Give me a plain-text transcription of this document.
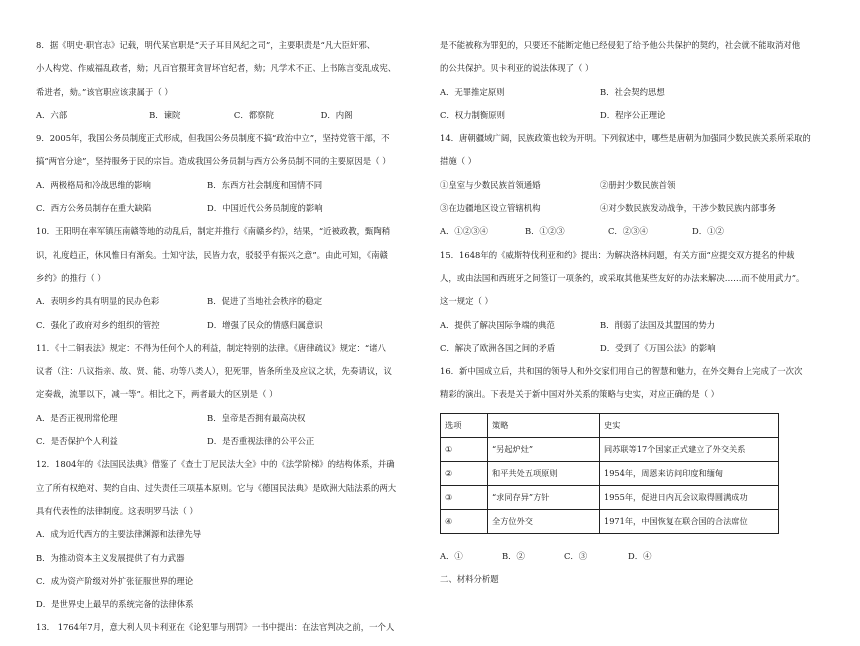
8．据《明史·职官志》记载，明代某官职是“天子耳目风纪之司”，主要职责是“凡大臣奸邪、
小人构党、作威福乱政者，劾；凡百官猥茸贪冒坏官纪者，劾；凡学术不正、上书陈言变乱成宪、
希进者，劾。”该官职应该隶属于（ ）
A．六部	B．谏院	C．都察院	D．内阁
9．2005年，我国公务员制度正式形成，但我国公务员制度不搞“政治中立”，坚持党管干部，不
搞“两官分途”，坚持服务于民的宗旨。造成我国公务员制与西方公务员制不同的主要原因是（ ）
A．两极格局和冷战思维的影响	B．东西方社会制度和国情不同
C．西方公务员制存在重大缺陷	D．中国近代公务员制度的影响
10．王阳明在率军镇压南赣等地的动乱后，制定并推行《南赣乡约》，结果，“近被政教，甄陶稍
识，礼度趋正，休风惟日有渐矣。士知守法，民皆力农，驳驳乎有振兴之意”。由此可知，《南赣
乡约》的推行（ ）
A．表明乡约具有明显的民办色彩	B．促进了当地社会秩序的稳定
C．强化了政府对乡约组织的管控	D．增强了民众的情感归属意识
11．《十二铜表法》规定：不得为任何个人的利益，制定特别的法律。《唐律疏议》规定：“诸八
议者（注：八议指亲、故、贤、能、功等八类人），犯死罪，皆条所坐及应议之状，先奏请议，议
定奏裁，流罪以下，减一等”。相比之下，两者最大的区别是（ ）
A．是否正视刑常伦理	B．皇帝是否拥有最高决权
C．是否保护个人利益	D．是否重视法律的公平公正
12．1804年的《法国民法典》借鉴了《查士丁尼民法大全》中的《法学阶梯》的结构体系，并确
立了所有权绝对、契约自由、过失责任三项基本原则。它与《德国民法典》是欧洲大陆法系的两大
具有代表性的法律制度。这表明罗马法（ ）
A．成为近代西方的主要法律渊源和法律先导
B．为推动资本主义发展提供了有力武器
C．成为资产阶级对外扩张征服世界的理论
D．是世界史上最早的系统完备的法律体系
13． 1764年7月，意大利人贝卡利亚在《论犯罪与刑罚》一书中提出：在法官判决之前，一个人
是不能被称为罪犯的，只要还不能断定他已经侵犯了给予他公共保护的契约，社会就不能取消对他
的公共保护。贝卡利亚的说法体现了（ ）
A．无罪推定原则	B．社会契约思想
C．权力制衡原则	D．程序公正理论
14．唐朝疆域广阔，民族政策也较为开明。下列叙述中，哪些是唐朝为加强同少数民族关系所采取的
措施（ ）
①皇室与少数民族首领通婚	②册封少数民族首领
③在边疆地区设立管辖机构	④对少数民族发动战争，干涉少数民族内部事务
A．①②③④	B．①②③	C．②③④	D．①②
15．1648年的《威斯特伐利亚和约》提出：为解决洛林问题，有关方面“应提交双方提名的仲裁
人，或由法国和西班牙之间签订一项条约，或采取其他某些友好的办法来解决……而不使用武力”。
这一规定（ ）
A．提供了解决国际争端的典范	B．削弱了法国及其盟国的势力
C．解决了欧洲各国之间的矛盾	D．受到了《万国公法》的影响
16．新中国成立后，共和国的领导人和外交家们用自己的智慧和魅力，在外交舞台上完成了一次次
精彩的演出。下表是关于新中国对外关系的策略与史实，对应正确的是（ ）
选项	策略	史实
①	“另起炉灶”	同苏联等17个国家正式建立了外交关系
②	和平共处五项原则	1954年，周恩来访问印度和缅甸
③	“求同存异”方针	1955年，促进日内瓦会议取得圆满成功
④	全方位外交	1971年，中国恢复在联合国的合法席位
A．①	B．②	C．③	D．④
二、材料分析题
